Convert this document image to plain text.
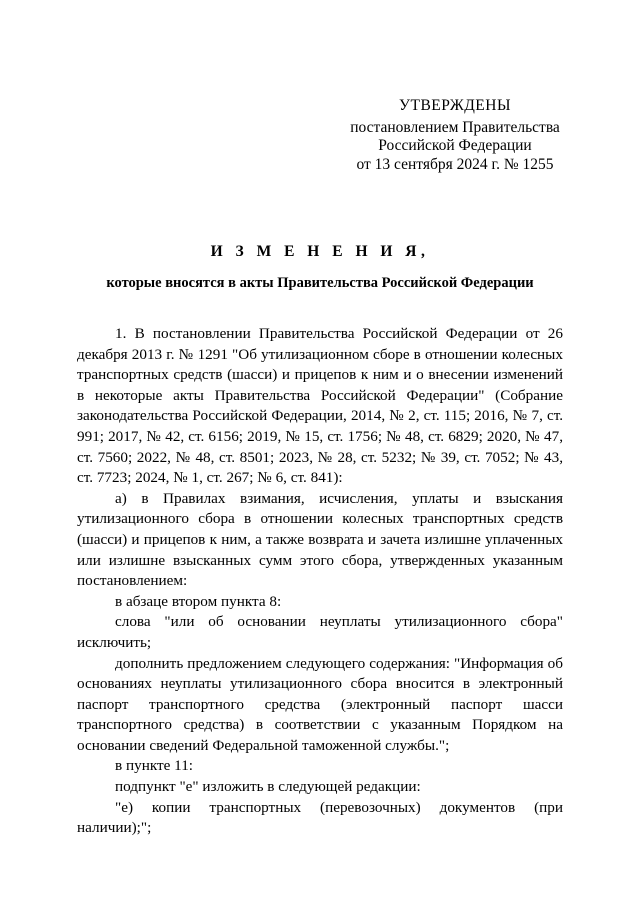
УТВЕРЖДЕНЫ
постановлением Правительства
Российской Федерации
от 13 сентября 2024 г. № 1255
И З М Е Н Е Н И Я,
которые вносятся в акты Правительства Российской Федерации

1. В постановлении Правительства Российской Федерации от 26 декабря 2013 г. № 1291 "Об утилизационном сборе в отношении колесных транспортных средств (шасси) и прицепов к ним и о внесении изменений в некоторые акты Правительства Российской Федерации" (Собрание законодательства Российской Федерации, 2014, № 2, ст. 115; 2016, № 7, ст. 991; 2017, № 42, ст. 6156; 2019, № 15, ст. 1756; № 48, ст. 6829; 2020, № 47, ст. 7560; 2022, № 48, ст. 8501; 2023, № 28, ст. 5232; № 39, ст. 7052; № 43, ст. 7723; 2024, № 1, ст. 267; № 6, ст. 841):

а) в Правилах взимания, исчисления, уплаты и взыскания утилизационного сбора в отношении колесных транспортных средств (шасси) и прицепов к ним, а также возврата и зачета излишне уплаченных или излишне взысканных сумм этого сбора, утвержденных указанным постановлением:

в абзаце втором пункта 8:

слова "или об основании неуплаты утилизационного сбора" исключить;

дополнить предложением следующего содержания: "Информация об основаниях неуплаты утилизационного сбора вносится в электронный паспорт транспортного средства (электронный паспорт шасси транспортного средства) в соответствии с указанным Порядком на основании сведений Федеральной таможенной службы.";

в пункте 11:

подпункт "е" изложить в следующей редакции:

"е) копии транспортных (перевозочных) документов (при наличии);";
